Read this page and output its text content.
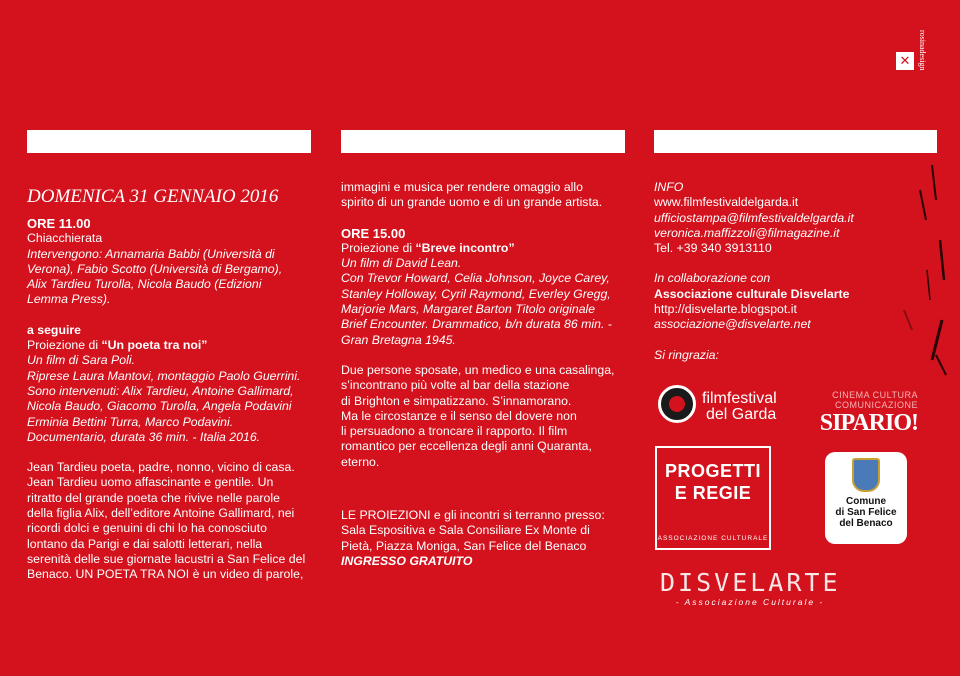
✕ rosinadesign
DOMENICA 31 GENNAIO 2016

ORE 11.00

Chiacchierata

Intervengono: Annamaria Babbi (Università di

Verona), Fabio Scotto (Università di Bergamo),

Alix Tardieu Turolla, Nicola Baudo (Edizioni

Lemma Press).

a seguire

Proiezione di “Un poeta tra noi”

Un film di Sara Poli.

Riprese Laura Mantovi, montaggio Paolo Guerrini.

Sono intervenuti: Alix Tardieu, Antoine Gallimard,

Nicola Baudo, Giacomo Turolla, Angela Podavini

Erminia Bettini Turra, Marco Podavini.

Documentario, durata 36 min. - Italia 2016.

Jean Tardieu poeta, padre, nonno, vicino di casa.

Jean Tardieu uomo affascinante e gentile. Un

ritratto del grande poeta che rivive nelle parole

della figlia Alix, dell’editore Antoine Gallimard, nei

ricordi dolci e genuini di chi lo ha conosciuto

lontano da Parigi e dai salotti letterari, nella

serenità delle sue giornate lacustri a San Felice del

Benaco. UN POETA TRA NOI è un video di parole,

immagini e musica per rendere omaggio allo

spirito di un grande uomo e di un grande artista.

ORE 15.00

Proiezione di “Breve incontro”

Un film di David Lean.

Con Trevor Howard, Celia Johnson, Joyce Carey,

Stanley Holloway, Cyril Raymond, Everley Gregg,

Marjorie Mars, Margaret Barton Titolo originale

Brief Encounter. Drammatico, b/n durata 86 min. -

Gran Bretagna 1945.

Due persone sposate, un medico e una casalinga,

s’incontrano più volte al bar della stazione

di Brighton e simpatizzano. S’innamorano.

Ma le circostanze e il senso del dovere non

li persuadono a troncare il rapporto. Il film

romantico per eccellenza degli anni Quaranta,

eterno.

LE PROIEZIONI e gli incontri si terranno presso:

Sala Espositiva e Sala Consiliare Ex Monte di

Pietà, Piazza Moniga, San Felice del Benaco

INGRESSO GRATUITO

INFO

www.filmfestivaldelgarda.it

ufficiostampa@filmfestivaldelgarda.it

veronica.maffizzoli@filmagazine.it

Tel. +39 340 3913110

In collaborazione con

Associazione culturale Disvelarte

http://disvelarte.blogspot.it

associazione@disvelarte.net

Si ringrazia:

filmfestival
del Garda
CINEMA CULTURA
COMUNICAZIONE
SIPARIO!
PROGETTI
E REGIE
ASSOCIAZIONE CULTURALE
Comune
di San Felice
del Benaco
DISVELARTE
- Associazione Culturale -
